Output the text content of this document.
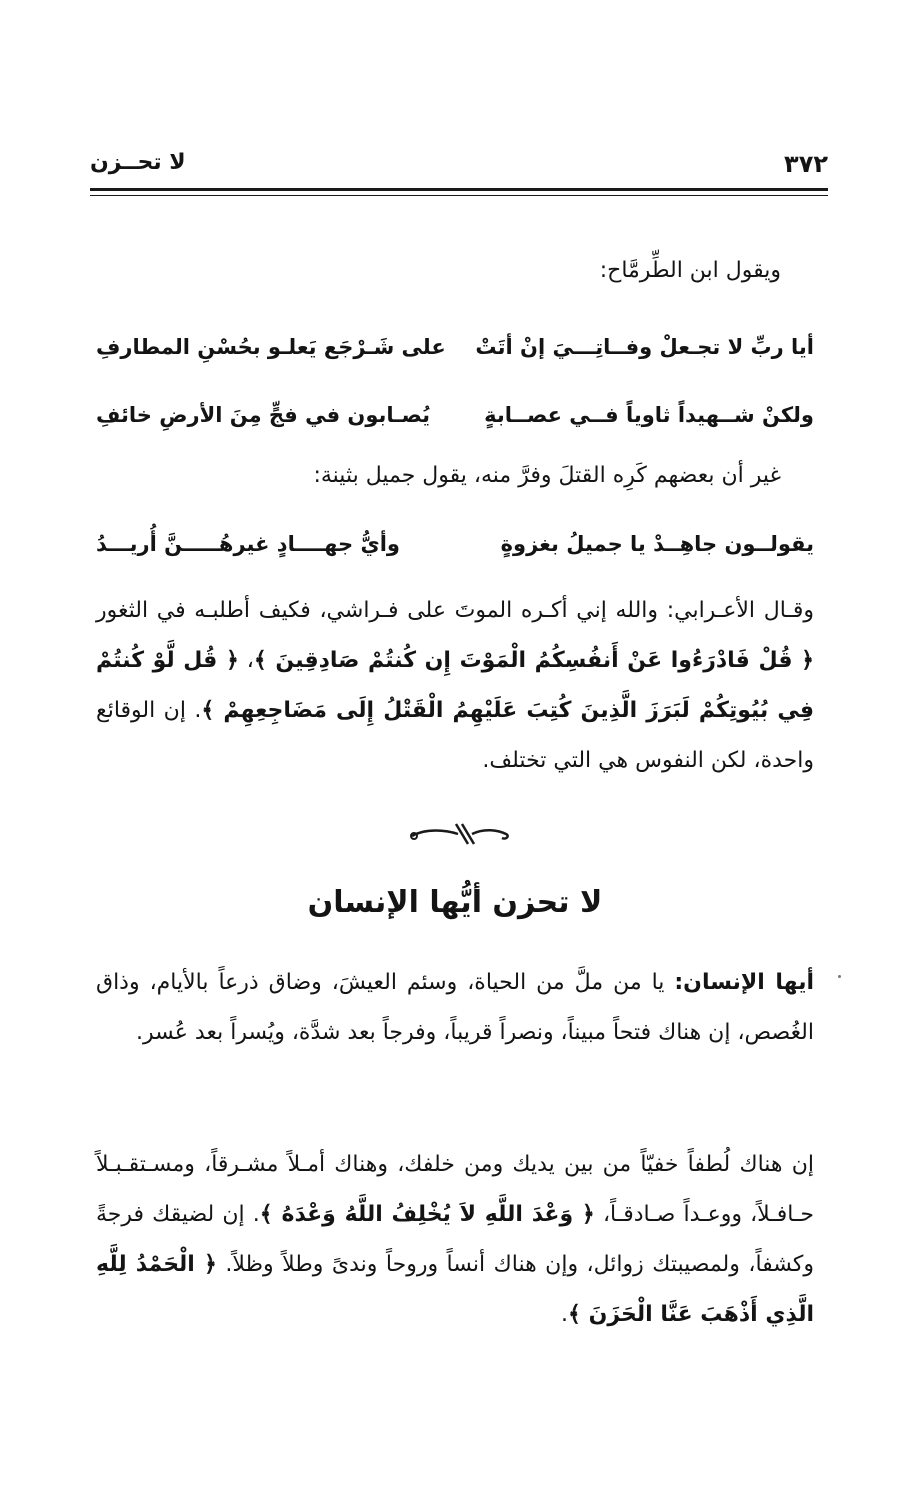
٣٧٢
لا تحــزن

ويقول ابن الطِّرمَّاح:

أيا ربِّ لا تجـعلْ وفــاتِـــيَ إنْ أتَتْ
على شَـرْجَع يَعلـو بحُسْنِ المطارفِ
ولكنْ شــهيداً ثاوياً فــي عصــابةٍ
يُصـابون في فجٍّ مِنَ الأرضِ خائفِ

غير أن بعضهم كَرِه القتلَ وفرَّ منه، يقول جميل بثينة:

يقولــون جاهِــدْ يا جميلُ بغزوةٍ
وأيُّ جهــــادٍ غيرهُـــــنَّ أُريـــدُ

وقـال الأعـرابي: والله إني أكـره الموتَ على فـراشي، فكيف أطلبـه في الثغور ﴿ قُلْ فَادْرَءُوا عَنْ أَنفُسِكُمُ الْمَوْتَ إِن كُنتُمْ صَادِقِينَ ﴾، ﴿ قُل لَّوْ كُنتُمْ فِي بُيُوتِكُمْ لَبَرَزَ الَّذِينَ كُتِبَ عَلَيْهِمُ الْقَتْلُ إِلَى مَضَاجِعِهِمْ ﴾. إن الوقائع واحدة، لكن النفوس هي التي تختلف.

لا تحزن أيُّها الإنسان

أيها الإنسان: يا من ملَّ من الحياة، وسئم العيشَ، وضاق ذرعاً بالأيام، وذاق الغُصص، إن هناك فتحاً مبيناً، ونصراً قريباً، وفرجاً بعد شدَّة، ويُسراً بعد عُسر.

إن هناك لُطفاً خفيّاً من بين يديك ومن خلفك، وهناك أمـلاً مشـرقاً، ومسـتقـبـلاً حـافـلاً، ووعـداً صـادقـاً، ﴿ وَعْدَ اللَّهِ لاَ يُخْلِفُ اللَّهُ وَعْدَهُ ﴾. إن لضيقك فرجةً وكشفاً، ولمصيبتك زوائل، وإن هناك أنساً وروحاً وندىً وطلاً وظلاً. ﴿ الْحَمْدُ لِلَّهِ الَّذِي أَذْهَبَ عَنَّا الْحَزَنَ ﴾.
